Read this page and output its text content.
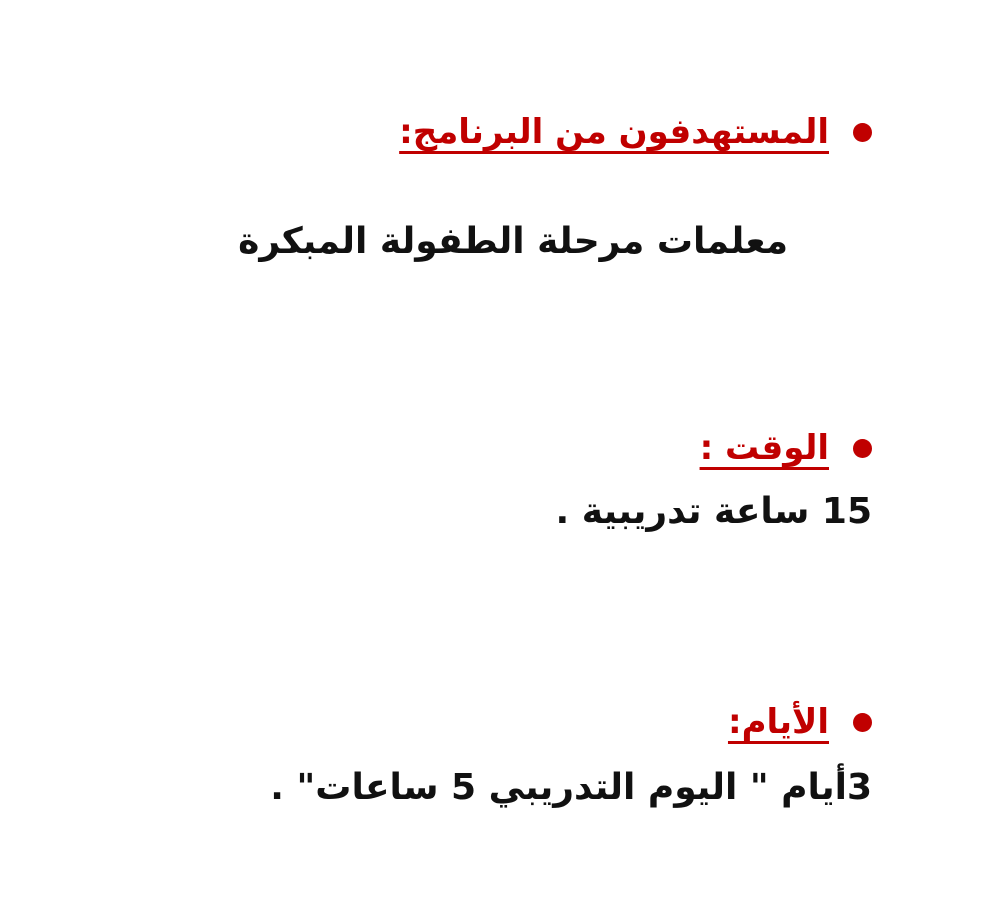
المستهدفون من البرنامج:
معلمات مرحلة الطفولة المبكرة
الوقت :
15 ساعة تدريبية .
الأيام:
3أيام " اليوم التدريبي 5 ساعات" .
